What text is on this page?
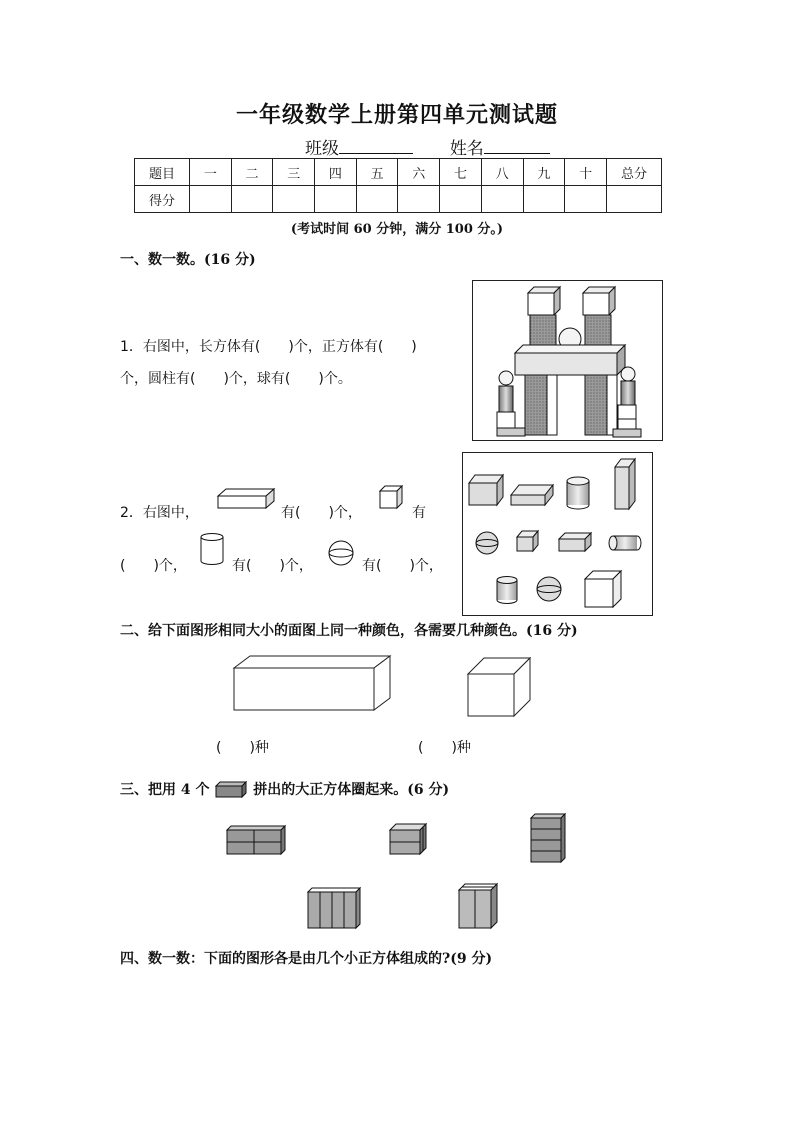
一年级数学上册第四单元测试题
班级	姓名
题目	一	二	三	四	五	六	七	八	九	十	总分
得分											
(考试时间 60 分钟，满分 100 分。)
一、数一数。(16 分)
1．右图中，长方体有(　　)个，正方体有(　　)
个，圆柱有(　　)个，球有(　　)个。
2．右图中，	有(　　)个，	有
(　　)个，	有(　　)个，	有(　　)个，
二、给下面图形相同大小的面图上同一种颜色，各需要几种颜色。(16 分)
(　　)种	(　　)种
三、把用 4 个	拼出的大正方体圈起来。(6 分)
四、数一数：下面的图形各是由几个小正方体组成的?(9 分)
